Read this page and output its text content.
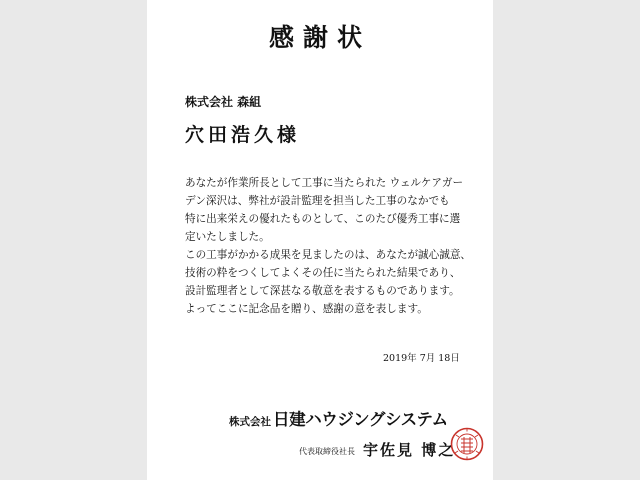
感謝状
株式会社 森組
穴田浩久様
あなたが作業所長として工事に当たられた ウェルケアガー
デン深沢は、弊社が設計監理を担当した工事のなかでも
特に出来栄えの優れたものとして、このたび優秀工事に選
定いたしました。
この工事がかかる成果を見ましたのは、あなたが誠心誠意、
技術の粋をつくしてよくその任に当たられた結果であり、
設計監理者として深甚なる敬意を表するものであります。
よってここに記念品を贈り、感謝の意を表します。
2019年 7月 18日
株式会社 日建ハウジングシステム
代表取締役社長 宇佐見 博之
